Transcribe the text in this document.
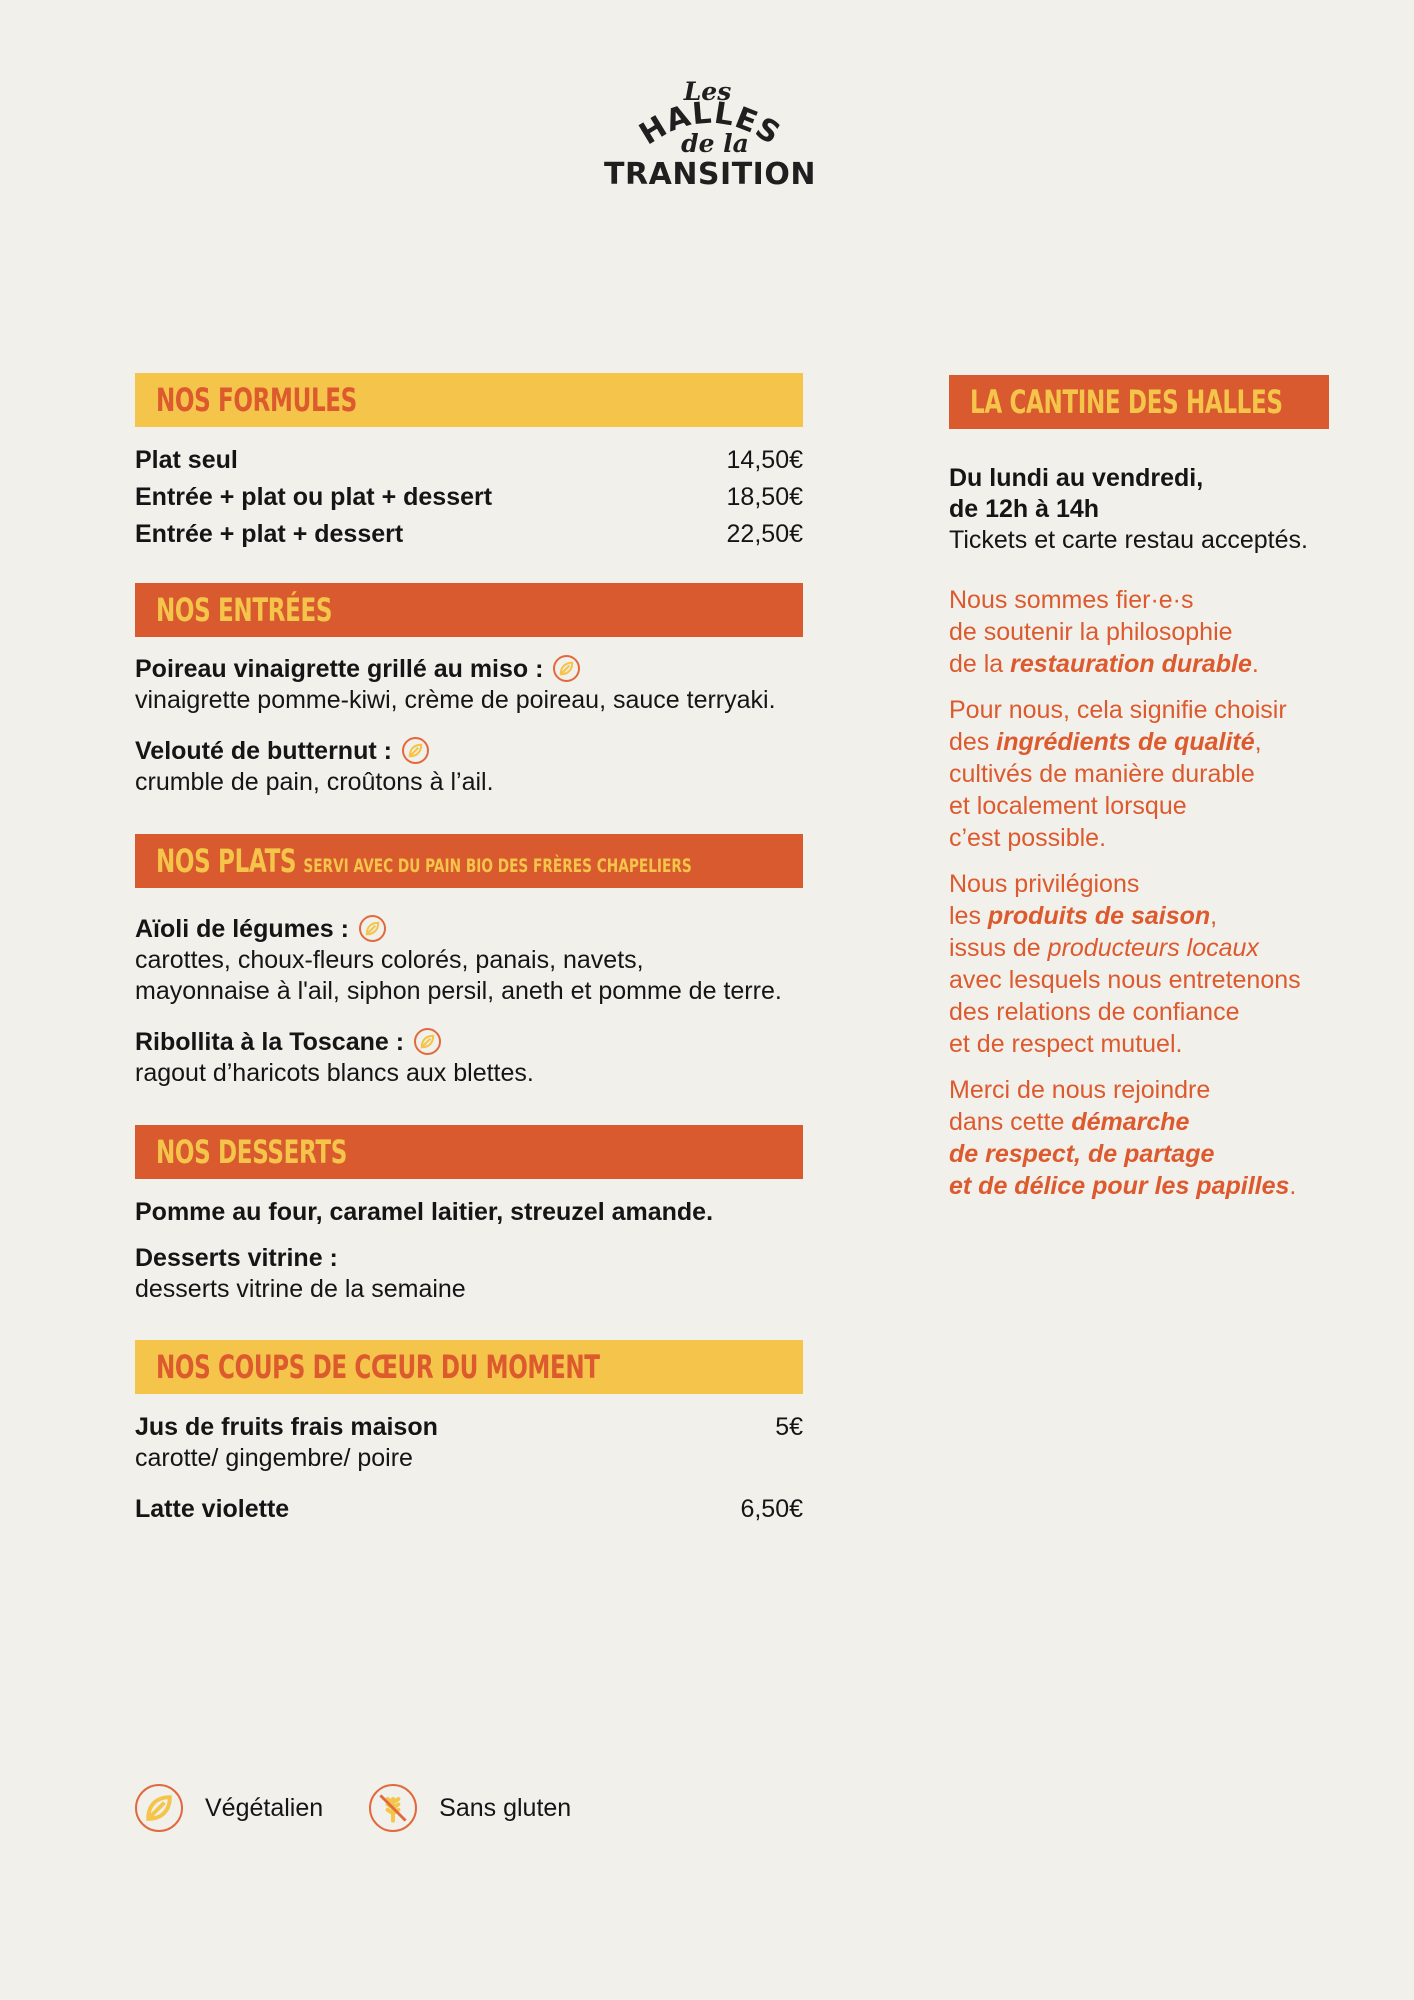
Les
HALLES
de la
TRANSITION
NOS FORMULES
Plat seul	14,50€
Entrée + plat ou plat + dessert	18,50€
Entrée + plat + dessert	22,50€
NOS ENTRÉES
Poireau vinaigrette grillé au miso :
vinaigrette pomme-kiwi, crème de poireau, sauce terryaki.
Velouté de butternut :
crumble de pain, croûtons à l’ail.
NOS PLATS SERVI AVEC DU PAIN BIO DES FRÈRES CHAPELIERS
Aïoli de légumes :
carottes, choux-fleurs colorés, panais, navets,
mayonnaise à l'ail, siphon persil, aneth et pomme de terre.
Ribollita à la Toscane :
ragout d’haricots blancs aux blettes.
NOS DESSERTS
Pomme au four, caramel laitier, streuzel amande.
Desserts vitrine :
desserts vitrine de la semaine
NOS COUPS DE CŒUR DU MOMENT
Jus de fruits frais maison	5€
carotte/ gingembre/ poire
Latte violette	6,50€
LA CANTINE DES HALLES
Du lundi au vendredi,
de 12h à 14h
Tickets et carte restau acceptés.
Nous sommes fier·e·s
de soutenir la philosophie
de la restauration durable.
Pour nous, cela signifie choisir
des ingrédients de qualité,
cultivés de manière durable
et localement lorsque
c’est possible.
Nous privilégions
les produits de saison,
issus de producteurs locaux
avec lesquels nous entretenons
des relations de confiance
et de respect mutuel.
Merci de nous rejoindre
dans cette démarche
de respect, de partage
et de délice pour les papilles.
Végétalien	Sans gluten
